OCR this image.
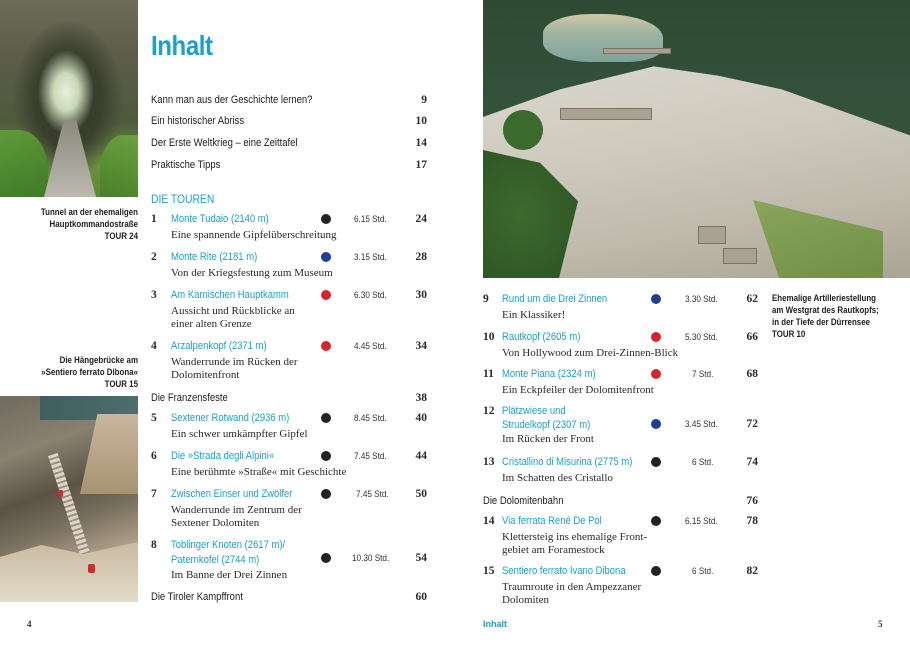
Tunnel an der ehemaligen
Hauptkommandostraße
TOUR 24
Die Hängebrücke am
»Sentiero ferrato Dibona«
TOUR 15
Inhalt
Kann man aus der Geschichte lernen?	9
Ein historischer Abriss	10
Der Erste Weltkrieg – eine Zeittafel	14
Praktische Tipps	17
DIE TOUREN
1 Monte Tudaio (2140 m)	6.15 Std.	24
Eine spannende Gipfelüberschreitung
2 Monte Rite (2181 m)	3.15 Std.	28
Von der Kriegsfestung zum Museum
3 Am Karnischen Hauptkamm	6.30 Std.	30
Aussicht und Rückblicke an
einer alten Grenze
4 Arzalpenkopf (2371 m)	4.45 Std.	34
Wanderrunde im Rücken der
Dolomitenfront
Die Franzensfeste	38
5 Sextener Rotwand (2936 m)	8.45 Std.	40
Ein schwer umkämpfter Gipfel
6 Die »Strada degli Alpini«	7.45 Std.	44
Eine berühmte »Straße« mit Geschichte
7 Zwischen Einser und Zwölfer	7.45 Std.	50
Wanderrunde im Zentrum der
Sextener Dolomiten
8 Toblinger Knoten (2617 m)/
Paternkofel (2744 m)	10.30 Std.	54
Im Banne der Drei Zinnen
Die Tiroler Kampffront	60
4
Ehemalige Artilleriestellung
am Westgrat des Rautkopfs;
in der Tiefe der Dürrensee
TOUR 10
9 Rund um die Drei Zinnen	3.30 Std.	62
Ein Klassiker!
10 Rautkopf (2605 m)	5.30 Std.	66
Von Hollywood zum Drei-Zinnen-Blick
11 Monte Piana (2324 m)	7 Std.	68
Ein Eckpfeiler der Dolomitenfront
12 Plätzwiese und
Strudelkopf (2307 m)	3.45 Std.	72
Im Rücken der Front
13 Cristallino di Misurina (2775 m)	6 Std.	74
Im Schatten des Cristallo
Die Dolomitenbahn	76
14 Via ferrata René De Pol	6.15 Std.	78
Klettersteig ins ehemalige Front-
gebiet am Foramestock
15 Sentiero ferrato Ivano Dibona	6 Std.	82
Traumroute in den Ampezzaner
Dolomiten
Inhalt	5
